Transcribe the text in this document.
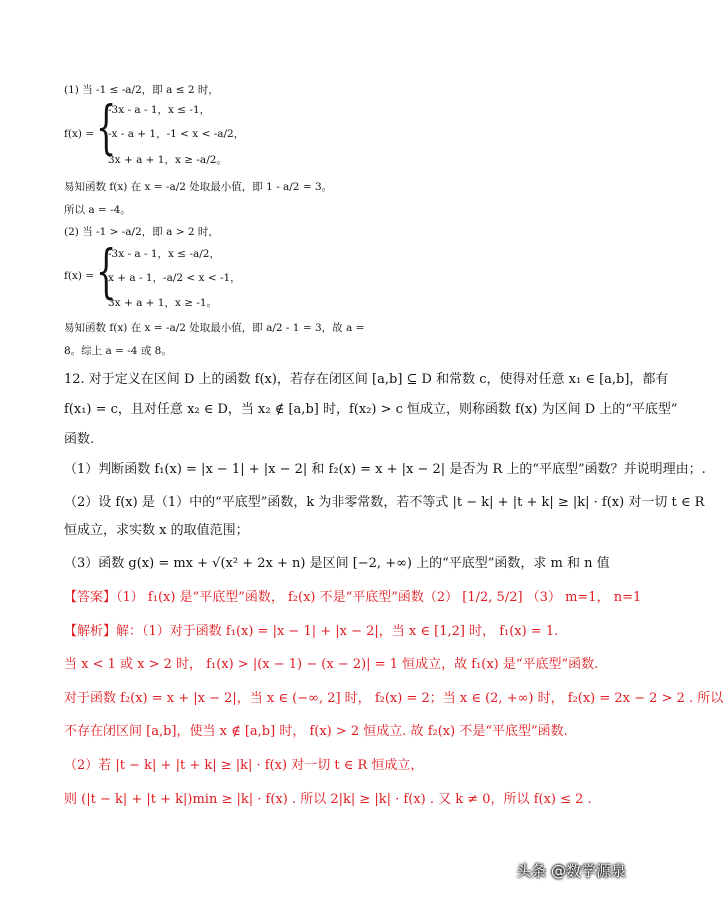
(1) 当 -1 ≤ -a/2，即 a ≤ 2 时，
f(x) = {
-3x - a - 1，x ≤ -1，
-x - a + 1，-1 < x < -a/2，
3x + a + 1，x ≥ -a/2。
易知函数 f(x) 在 x = -a/2 处取最小值，即 1 - a/2 = 3。
所以 a = -4。
(2) 当 -1 > -a/2，即 a > 2 时，
f(x) = {
-3x - a - 1，x ≤ -a/2，
x + a - 1，-a/2 < x < -1，
3x + a + 1，x ≥ -1。
易知函数 f(x) 在 x = -a/2 处取最小值，即 a/2 - 1 = 3，故 a =
8。综上 a = -4 或 8。
12. 对于定义在区间 D 上的函数 f(x)，若存在闭区间 [a,b] ⊆ D 和常数 c，使得对任意 x₁ ∈ [a,b]，都有
f(x₁) = c，且对任意 x₂ ∈ D，当 x₂ ∉ [a,b] 时，f(x₂) > c 恒成立，则称函数 f(x) 为区间 D 上的“平底型”
函数.
（1）判断函数 f₁(x) = |x − 1| + |x − 2| 和 f₂(x) = x + |x − 2| 是否为 R 上的“平底型”函数？并说明理由；.
（2）设 f(x) 是（1）中的“平底型”函数，k 为非零常数，若不等式 |t − k| + |t + k| ≥ |k| · f(x) 对一切 t ∈ R
恒成立，求实数 x 的取值范围；
（3）函数 g(x) = mx + √(x² + 2x + n) 是区间 [−2, +∞) 上的“平底型”函数，求 m 和 n 值
【答案】（1） f₁(x) 是“平底型”函数， f₂(x) 不是“平底型”函数（2） [1/2, 5/2] （3） m=1， n=1
【解析】解：（1）对于函数 f₁(x) = |x − 1| + |x − 2|，当 x ∈ [1,2] 时， f₁(x) = 1.
当 x < 1 或 x > 2 时， f₁(x) > |(x − 1) − (x − 2)| = 1 恒成立，故 f₁(x) 是“平底型”函数.
对于函数 f₂(x) = x + |x − 2|，当 x ∈ (−∞, 2] 时， f₂(x) = 2；当 x ∈ (2, +∞) 时， f₂(x) = 2x − 2 > 2 . 所以
不存在闭区间 [a,b]，使当 x ∉ [a,b] 时， f(x) > 2 恒成立. 故 f₂(x) 不是“平底型”函数.
（2）若 |t − k| + |t + k| ≥ |k| · f(x) 对一切 t ∈ R 恒成立，
则 (|t − k| + |t + k|)min ≥ |k| · f(x) . 所以 2|k| ≥ |k| · f(x) . 又 k ≠ 0，所以 f(x) ≤ 2 .
头条 @数学源泉
